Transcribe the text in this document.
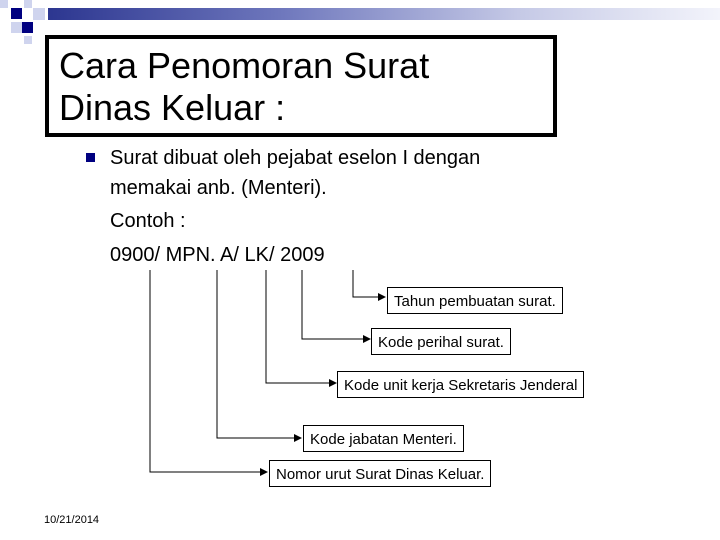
Cara Penomoran Surat
Dinas Keluar :
Surat dibuat oleh pejabat eselon I dengan
memakai anb. (Menteri).
Contoh :
0900/ MPN. A/ LK/ 2009
Tahun pembuatan surat.
Kode perihal surat.
Kode unit kerja Sekretaris Jenderal
Kode jabatan Menteri.
Nomor urut Surat Dinas Keluar.
10/21/2014
